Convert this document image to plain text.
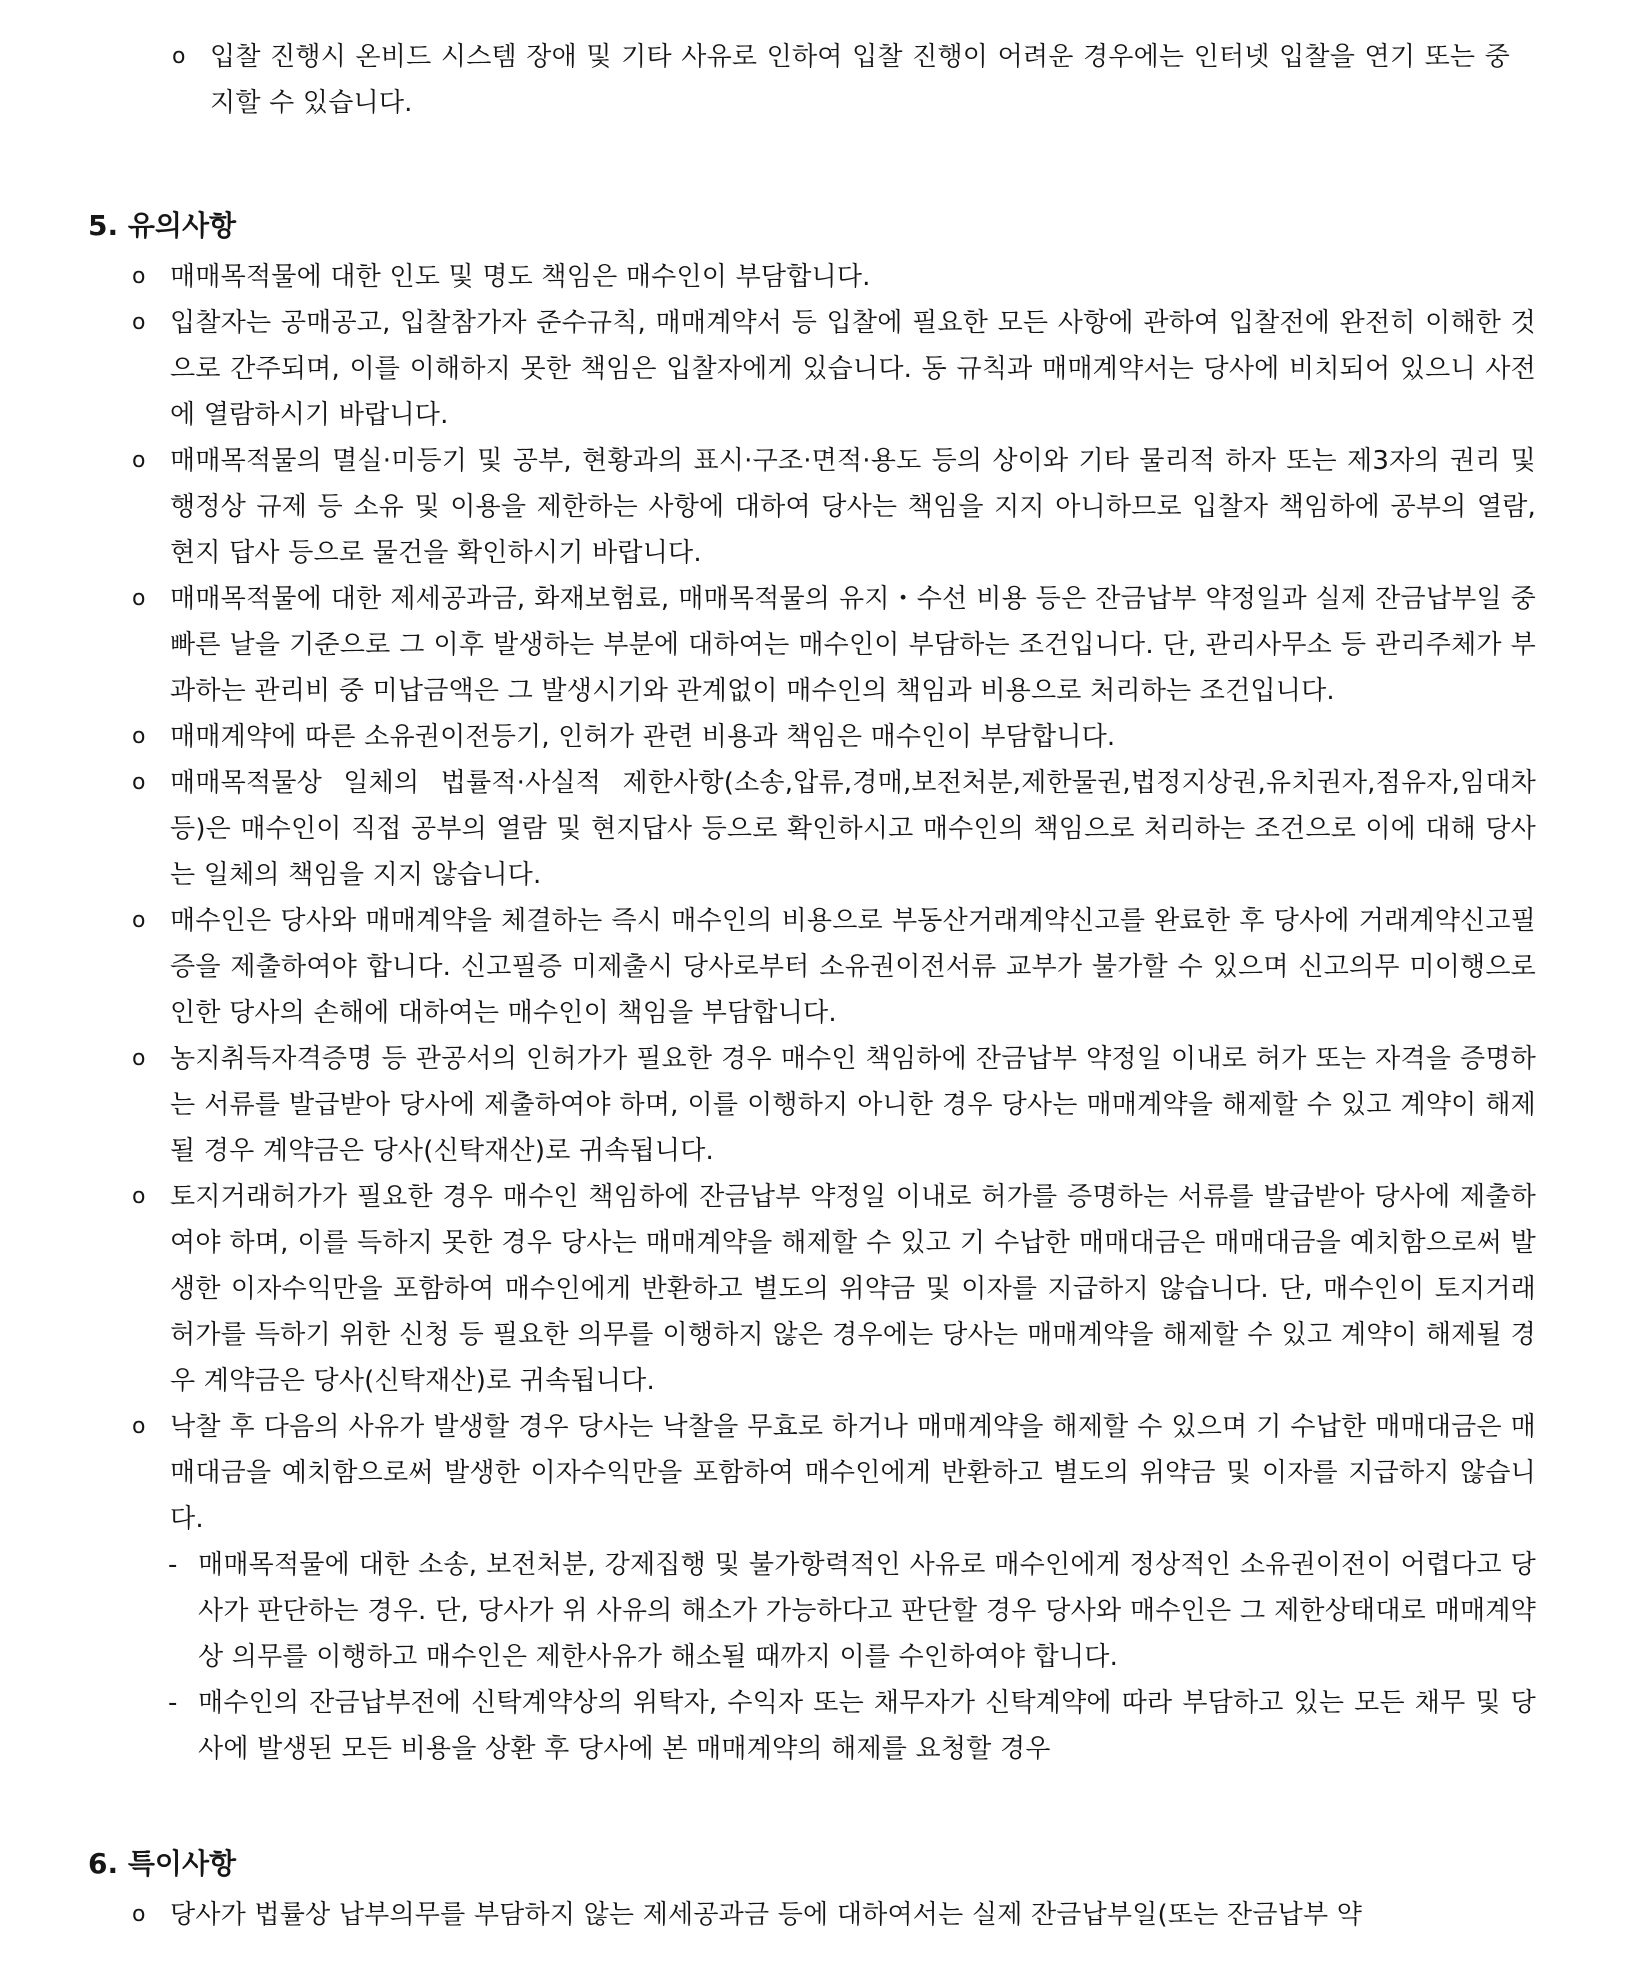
o 입찰 진행시 온비드 시스템 장애 및 기타 사유로 인하여 입찰 진행이 어려운 경우에는 인터넷 입찰을 연기 또는 중지할 수 있습니다.
5. 유의사항
o 매매목적물에 대한 인도 및 명도 책임은 매수인이 부담합니다.
o 입찰자는 공매공고, 입찰참가자 준수규칙, 매매계약서 등 입찰에 필요한 모든 사항에 관하여 입찰전에 완전히 이해한 것으로 간주되며, 이를 이해하지 못한 책임은 입찰자에게 있습니다. 동 규칙과 매매계약서는 당사에 비치되어 있으니 사전에 열람하시기 바랍니다.
o 매매목적물의 멸실·미등기 및 공부, 현황과의 표시·구조·면적·용도 등의 상이와 기타 물리적 하자 또는 제3자의 권리 및 행정상 규제 등 소유 및 이용을 제한하는 사항에 대하여 당사는 책임을 지지 아니하므로 입찰자 책임하에 공부의 열람, 현지 답사 등으로 물건을 확인하시기 바랍니다.
o 매매목적물에 대한 제세공과금, 화재보험료, 매매목적물의 유지・수선 비용 등은 잔금납부 약정일과 실제 잔금납부일 중 빠른 날을 기준으로 그 이후 발생하는 부분에 대하여는 매수인이 부담하는 조건입니다. 단, 관리사무소 등 관리주체가 부과하는 관리비 중 미납금액은 그 발생시기와 관계없이 매수인의 책임과 비용으로 처리하는 조건입니다.
o 매매계약에 따른 소유권이전등기, 인허가 관련 비용과 책임은 매수인이 부담합니다.
o 매매목적물상 일체의 법률적·사실적 제한사항(소송,압류,경매,보전처분,제한물권,법정지상권,유치권자,점유자,임대차 등)은 매수인이 직접 공부의 열람 및 현지답사 등으로 확인하시고 매수인의 책임으로 처리하는 조건으로 이에 대해 당사는 일체의 책임을 지지 않습니다.
o 매수인은 당사와 매매계약을 체결하는 즉시 매수인의 비용으로 부동산거래계약신고를 완료한 후 당사에 거래계약신고필증을 제출하여야 합니다. 신고필증 미제출시 당사로부터 소유권이전서류 교부가 불가할 수 있으며 신고의무 미이행으로 인한 당사의 손해에 대하여는 매수인이 책임을 부담합니다.
o 농지취득자격증명 등 관공서의 인허가가 필요한 경우 매수인 책임하에 잔금납부 약정일 이내로 허가 또는 자격을 증명하는 서류를 발급받아 당사에 제출하여야 하며, 이를 이행하지 아니한 경우 당사는 매매계약을 해제할 수 있고 계약이 해제될 경우 계약금은 당사(신탁재산)로 귀속됩니다.
o 토지거래허가가 필요한 경우 매수인 책임하에 잔금납부 약정일 이내로 허가를 증명하는 서류를 발급받아 당사에 제출하여야 하며, 이를 득하지 못한 경우 당사는 매매계약을 해제할 수 있고 기 수납한 매매대금은 매매대금을 예치함으로써 발생한 이자수익만을 포함하여 매수인에게 반환하고 별도의 위약금 및 이자를 지급하지 않습니다. 단, 매수인이 토지거래허가를 득하기 위한 신청 등 필요한 의무를 이행하지 않은 경우에는 당사는 매매계약을 해제할 수 있고 계약이 해제될 경우 계약금은 당사(신탁재산)로 귀속됩니다.
o 낙찰 후 다음의 사유가 발생할 경우 당사는 낙찰을 무효로 하거나 매매계약을 해제할 수 있으며 기 수납한 매매대금은 매매대금을 예치함으로써 발생한 이자수익만을 포함하여 매수인에게 반환하고 별도의 위약금 및 이자를 지급하지 않습니다.
- 매매목적물에 대한 소송, 보전처분, 강제집행 및 불가항력적인 사유로 매수인에게 정상적인 소유권이전이 어렵다고 당사가 판단하는 경우. 단, 당사가 위 사유의 해소가 가능하다고 판단할 경우 당사와 매수인은 그 제한상태대로 매매계약상 의무를 이행하고 매수인은 제한사유가 해소될 때까지 이를 수인하여야 합니다.
- 매수인의 잔금납부전에 신탁계약상의 위탁자, 수익자 또는 채무자가 신탁계약에 따라 부담하고 있는 모든 채무 및 당사에 발생된 모든 비용을 상환 후 당사에 본 매매계약의 해제를 요청할 경우
6. 특이사항
o 당사가 법률상 납부의무를 부담하지 않는 제세공과금 등에 대하여서는 실제 잔금납부일(또는 잔금납부 약
